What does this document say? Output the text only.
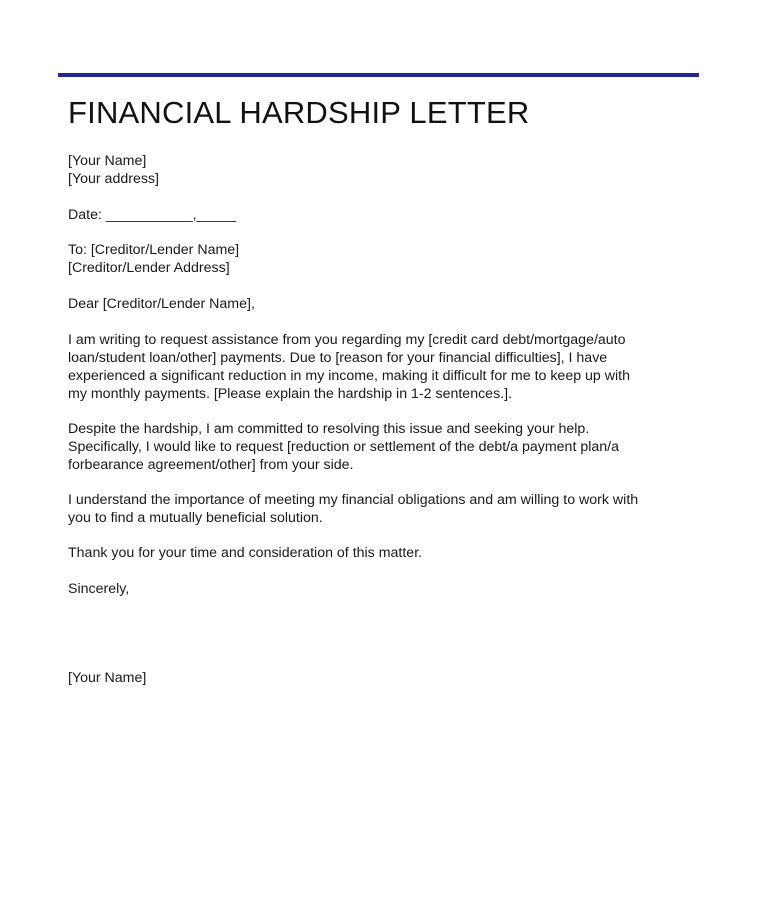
FINANCIAL HARDSHIP LETTER

[Your Name]

[Your address]

Date: ___________,_____

To: [Creditor/Lender Name]

[Creditor/Lender Address]

Dear [Creditor/Lender Name],

I am writing to request assistance from you regarding my [credit card debt/mortgage/auto
loan/student loan/other] payments. Due to [reason for your financial difficulties], I have
experienced a significant reduction in my income, making it difficult for me to keep up with
my monthly payments. [Please explain the hardship in 1-2 sentences.].
Despite the hardship, I am committed to resolving this issue and seeking your help.
Specifically, I would like to request [reduction or settlement of the debt/a payment plan/a
forbearance agreement/other] from your side.
I understand the importance of meeting my financial obligations and am willing to work with
you to find a mutually beneficial solution.

Thank you for your time and consideration of this matter.

Sincerely,

[Your Name]
